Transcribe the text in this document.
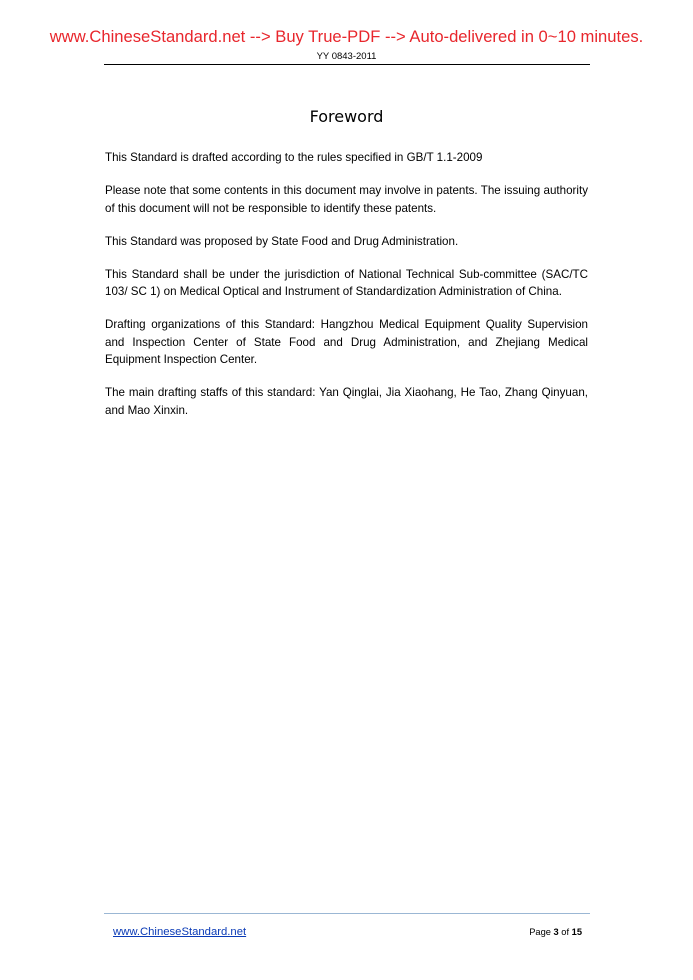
www.ChineseStandard.net --> Buy True-PDF --> Auto-delivered in 0~10 minutes.
YY 0843-2011
Foreword

This Standard is drafted according to the rules specified in GB/T 1.1-2009

Please note that some contents in this document may involve in patents. The issuing authority of this document will not be responsible to identify these patents.

This Standard was proposed by State Food and Drug Administration.

This Standard shall be under the jurisdiction of National Technical Sub-committee (SAC/TC 103/ SC 1) on Medical Optical and Instrument of Standardization Administration of China.

Drafting organizations of this Standard: Hangzhou Medical Equipment Quality Supervision and Inspection Center of State Food and Drug Administration, and Zhejiang Medical Equipment Inspection Center.

The main drafting staffs of this standard: Yan Qinglai, Jia Xiaohang, He Tao, Zhang Qinyuan, and Mao Xinxin.

www.ChineseStandard.net	Page 3 of 15
